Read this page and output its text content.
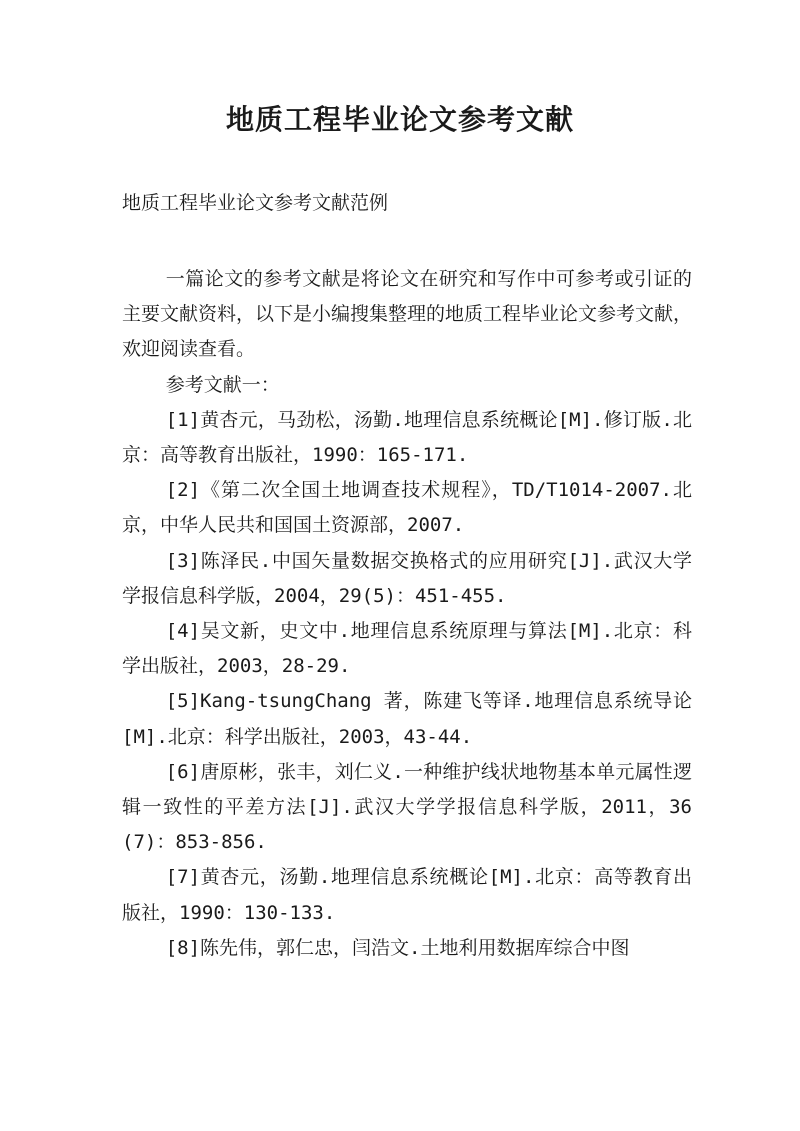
地质工程毕业论文参考文献

地质工程毕业论文参考文献范例

一篇论文的参考文献是将论文在研究和写作中可参考或引证的主要文献资料，以下是小编搜集整理的地质工程毕业论文参考文献，欢迎阅读查看。

参考文献一：

[1]黄杏元，马劲松，汤勤.地理信息系统概论[M].修订版.北京：高等教育出版社，1990：165-171.

[2]《第二次全国土地调查技术规程》，TD/T1014-2007.北京，中华人民共和国国土资源部，2007.

[3]陈泽民.中国矢量数据交换格式的应用研究[J].武汉大学学报信息科学版，2004，29(5)：451-455.

[4]吴文新，史文中.地理信息系统原理与算法[M].北京：科学出版社，2003，28-29.

[5]Kang-tsungChang 著，陈建飞等译.地理信息系统导论[M].北京：科学出版社，2003，43-44.

[6]唐原彬，张丰，刘仁义.一种维护线状地物基本单元属性逻辑一致性的平差方法[J].武汉大学学报信息科学版，2011，36(7)：853-856.

[7]黄杏元，汤勤.地理信息系统概论[M].北京：高等教育出版社，1990：130-133.

[8]陈先伟，郭仁忠，闫浩文.土地利用数据库综合中图
